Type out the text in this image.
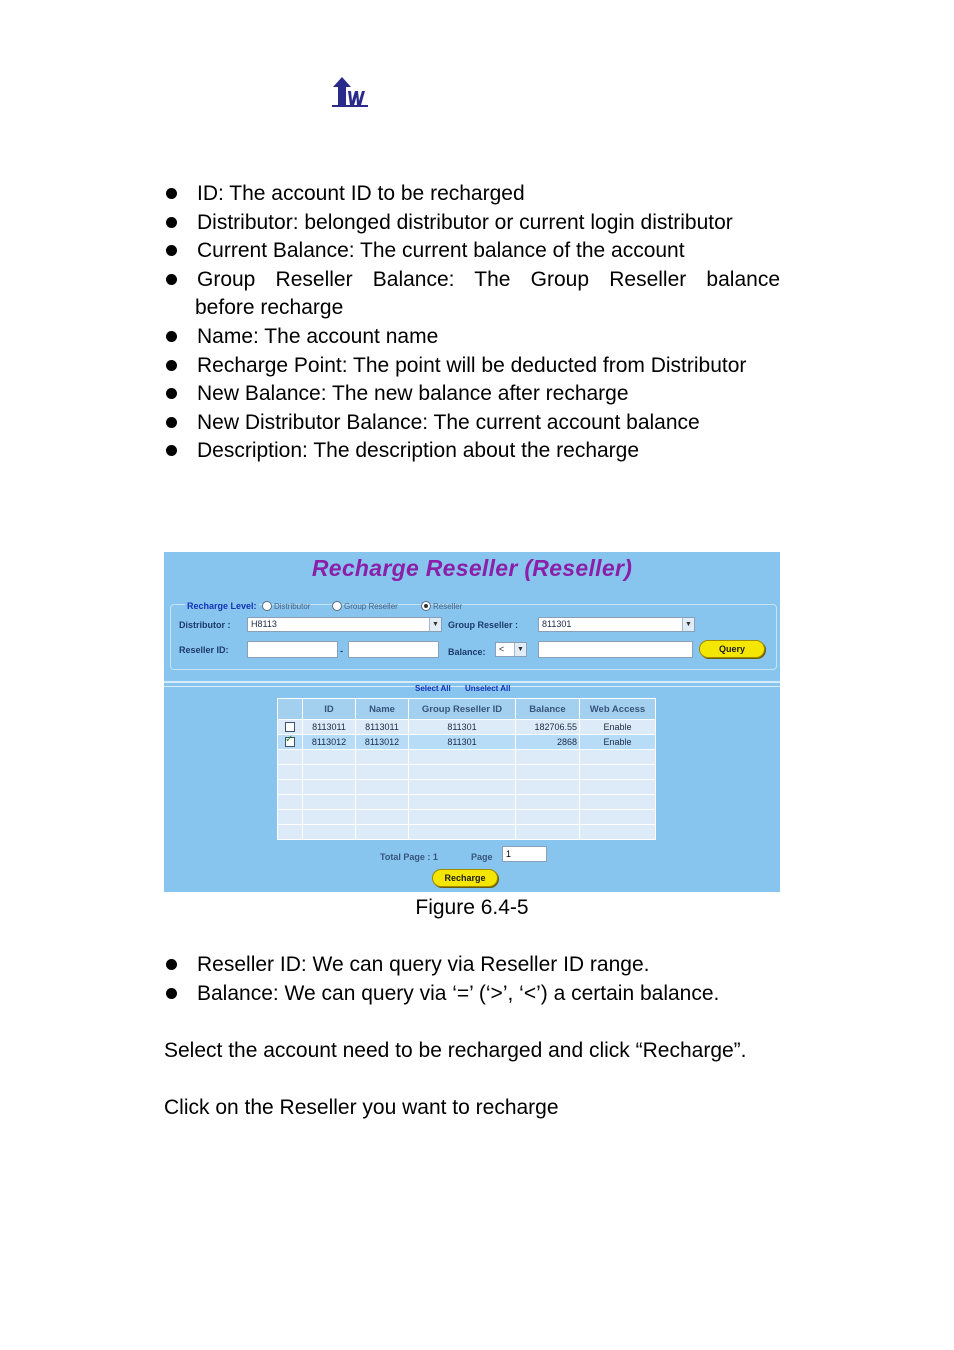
ID: The account ID to be recharged
Distributor: belonged distributor or current login distributor
Current Balance: The current balance of the account
Group Reseller Balance: The Group Reseller balance
before recharge
Name: The account name
Recharge Point: The point will be deducted from Distributor
New Balance: The new balance after recharge
New Distributor Balance: The current account balance
Description: The description about the recharge
Recharge Reseller (Reseller)
Recharge Level: Distributor	Group Reseller	Reseller
Distributor :	H8113	▼ Group Reseller :	811301	▼
Reseller ID:	-	Balance:	<	▼	Query
Select All Unselect All
	ID	Name	Group Reseller ID	Balance	Web Access
	8113011	8113011	811301	182706.55	Enable
✓	8113012	8113012	811301	2868	Enable

Total Page : 1	Page	1
Recharge
Figure 6.4-5
Reseller ID: We can query via Reseller ID range.
Balance: We can query via ‘=’ (‘>’, ‘<’) a certain balance.

Select the account need to be recharged and click “Recharge”.

Click on the Reseller you want to recharge
